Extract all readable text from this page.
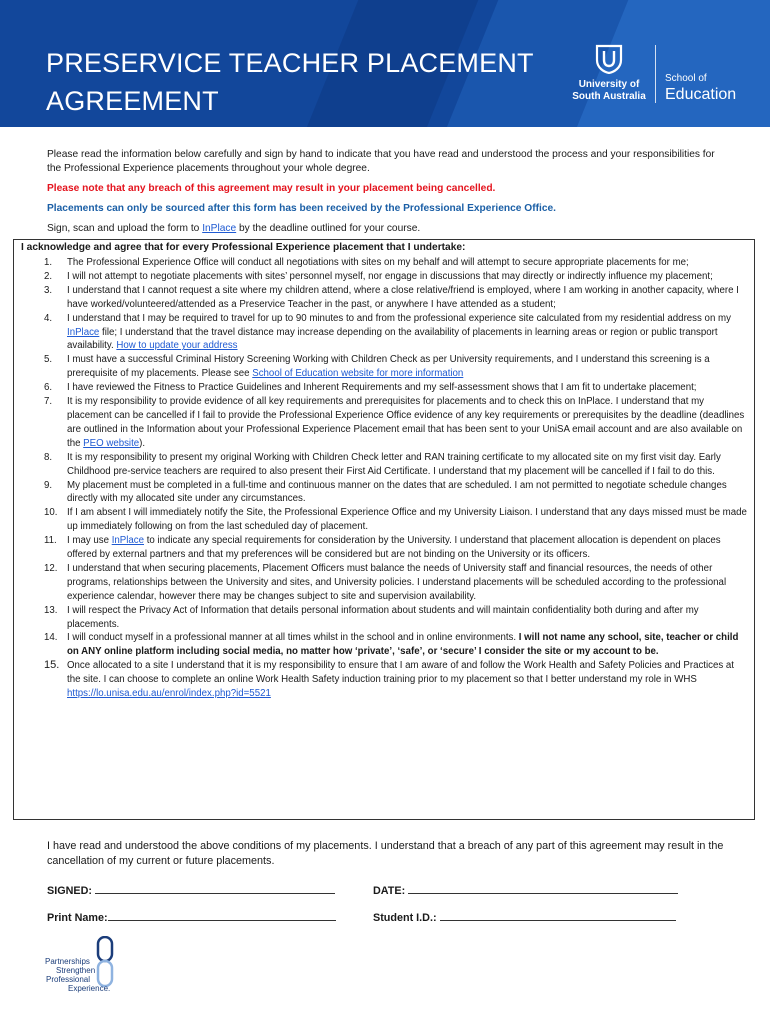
PRESERVICE TEACHER PLACEMENT
AGREEMENT
University of
South Australia
School of
Education
Please read the information below carefully and sign by hand to indicate that you have read and understood the process and your responsibilities for the Professional Experience placements throughout your whole degree.
Please note that any breach of this agreement may result in your placement being cancelled.
Placements can only be sourced after this form has been received by the Professional Experience Office.
Sign, scan and upload the form to InPlace by the deadline outlined for your course.
I acknowledge and agree that for every Professional Experience placement that I undertake:
1.	The Professional Experience Office will conduct all negotiations with sites on my behalf and will attempt to secure appropriate placements for me;
2.	I will not attempt to negotiate placements with sites’ personnel myself, nor engage in discussions that may directly or indirectly influence my placement;
3.	I understand that I cannot request a site where my children attend, where a close relative/friend is employed, where I am working in another capacity, where I have worked/volunteered/attended as a Preservice Teacher in the past, or anywhere I have attended as a student;
4.	I understand that I may be required to travel for up to 90 minutes to and from the professional experience site calculated from my residential address on my InPlace file; I understand that the travel distance may increase depending on the availability of placements in learning areas or region or public transport availability. How to update your address
5.	I must have a successful Criminal History Screening Working with Children Check as per University requirements, and I understand this screening is a prerequisite of my placements. Please see School of Education website for more information
6.	I have reviewed the Fitness to Practice Guidelines and Inherent Requirements and my self-assessment shows that I am fit to undertake placement;
7.	It is my responsibility to provide evidence of all key requirements and prerequisites for placements and to check this on InPlace. I understand that my placement can be cancelled if I fail to provide the Professional Experience Office evidence of any key requirements or prerequisites by the deadline (deadlines are outlined in the Information about your Professional Experience Placement email that has been sent to your UniSA email account and are also available on the PEO website).
8.	It is my responsibility to present my original Working with Children Check letter and RAN training certificate to my allocated site on my first visit day. Early Childhood pre-service teachers are required to also present their First Aid Certificate. I understand that my placement will be cancelled if I fail to do this.
9.	My placement must be completed in a full-time and continuous manner on the dates that are scheduled. I am not permitted to negotiate schedule changes directly with my allocated site under any circumstances.
10. If I am absent I will immediately notify the Site, the Professional Experience Office and my University Liaison. I understand that any days missed must be made up immediately following on from the last scheduled day of placement.
11.	I may use InPlace to indicate any special requirements for consideration by the University. I understand that placement allocation is dependent on places offered by external partners and that my preferences will be considered but are not binding on the University or its officers.
12. I understand that when securing placements, Placement Officers must balance the needs of University staff and financial resources, the needs of other programs, relationships between the University and sites, and University policies. I understand placements will be scheduled according to the professional experience calendar, however there may be changes subject to site and supervision availability.
13. I will respect the Privacy Act of Information that details personal information about students and will maintain confidentiality both during and after my placements.
14. I will conduct myself in a professional manner at all times whilst in the school and in online environments. I will not name any school, site, teacher or child on ANY online platform including social media, no matter how ‘private’, ‘safe’, or ‘secure’ I consider the site or my account to be.
15. Once allocated to a site I understand that it is my responsibility to ensure that I am aware of and follow the Work Health and Safety Policies and Practices at the site. I can choose to complete an online Work Health Safety induction training prior to my placement so that I better understand my role in WHS https://lo.unisa.edu.au/enrol/index.php?id=5521
I have read and understood the above conditions of my placements. I understand that a breach of any part of this agreement may result in the cancellation of my current or future placements.
SIGNED:	DATE:
Print Name:	Student I.D.:
Partnerships
Strengthen
Professional
Experience.
